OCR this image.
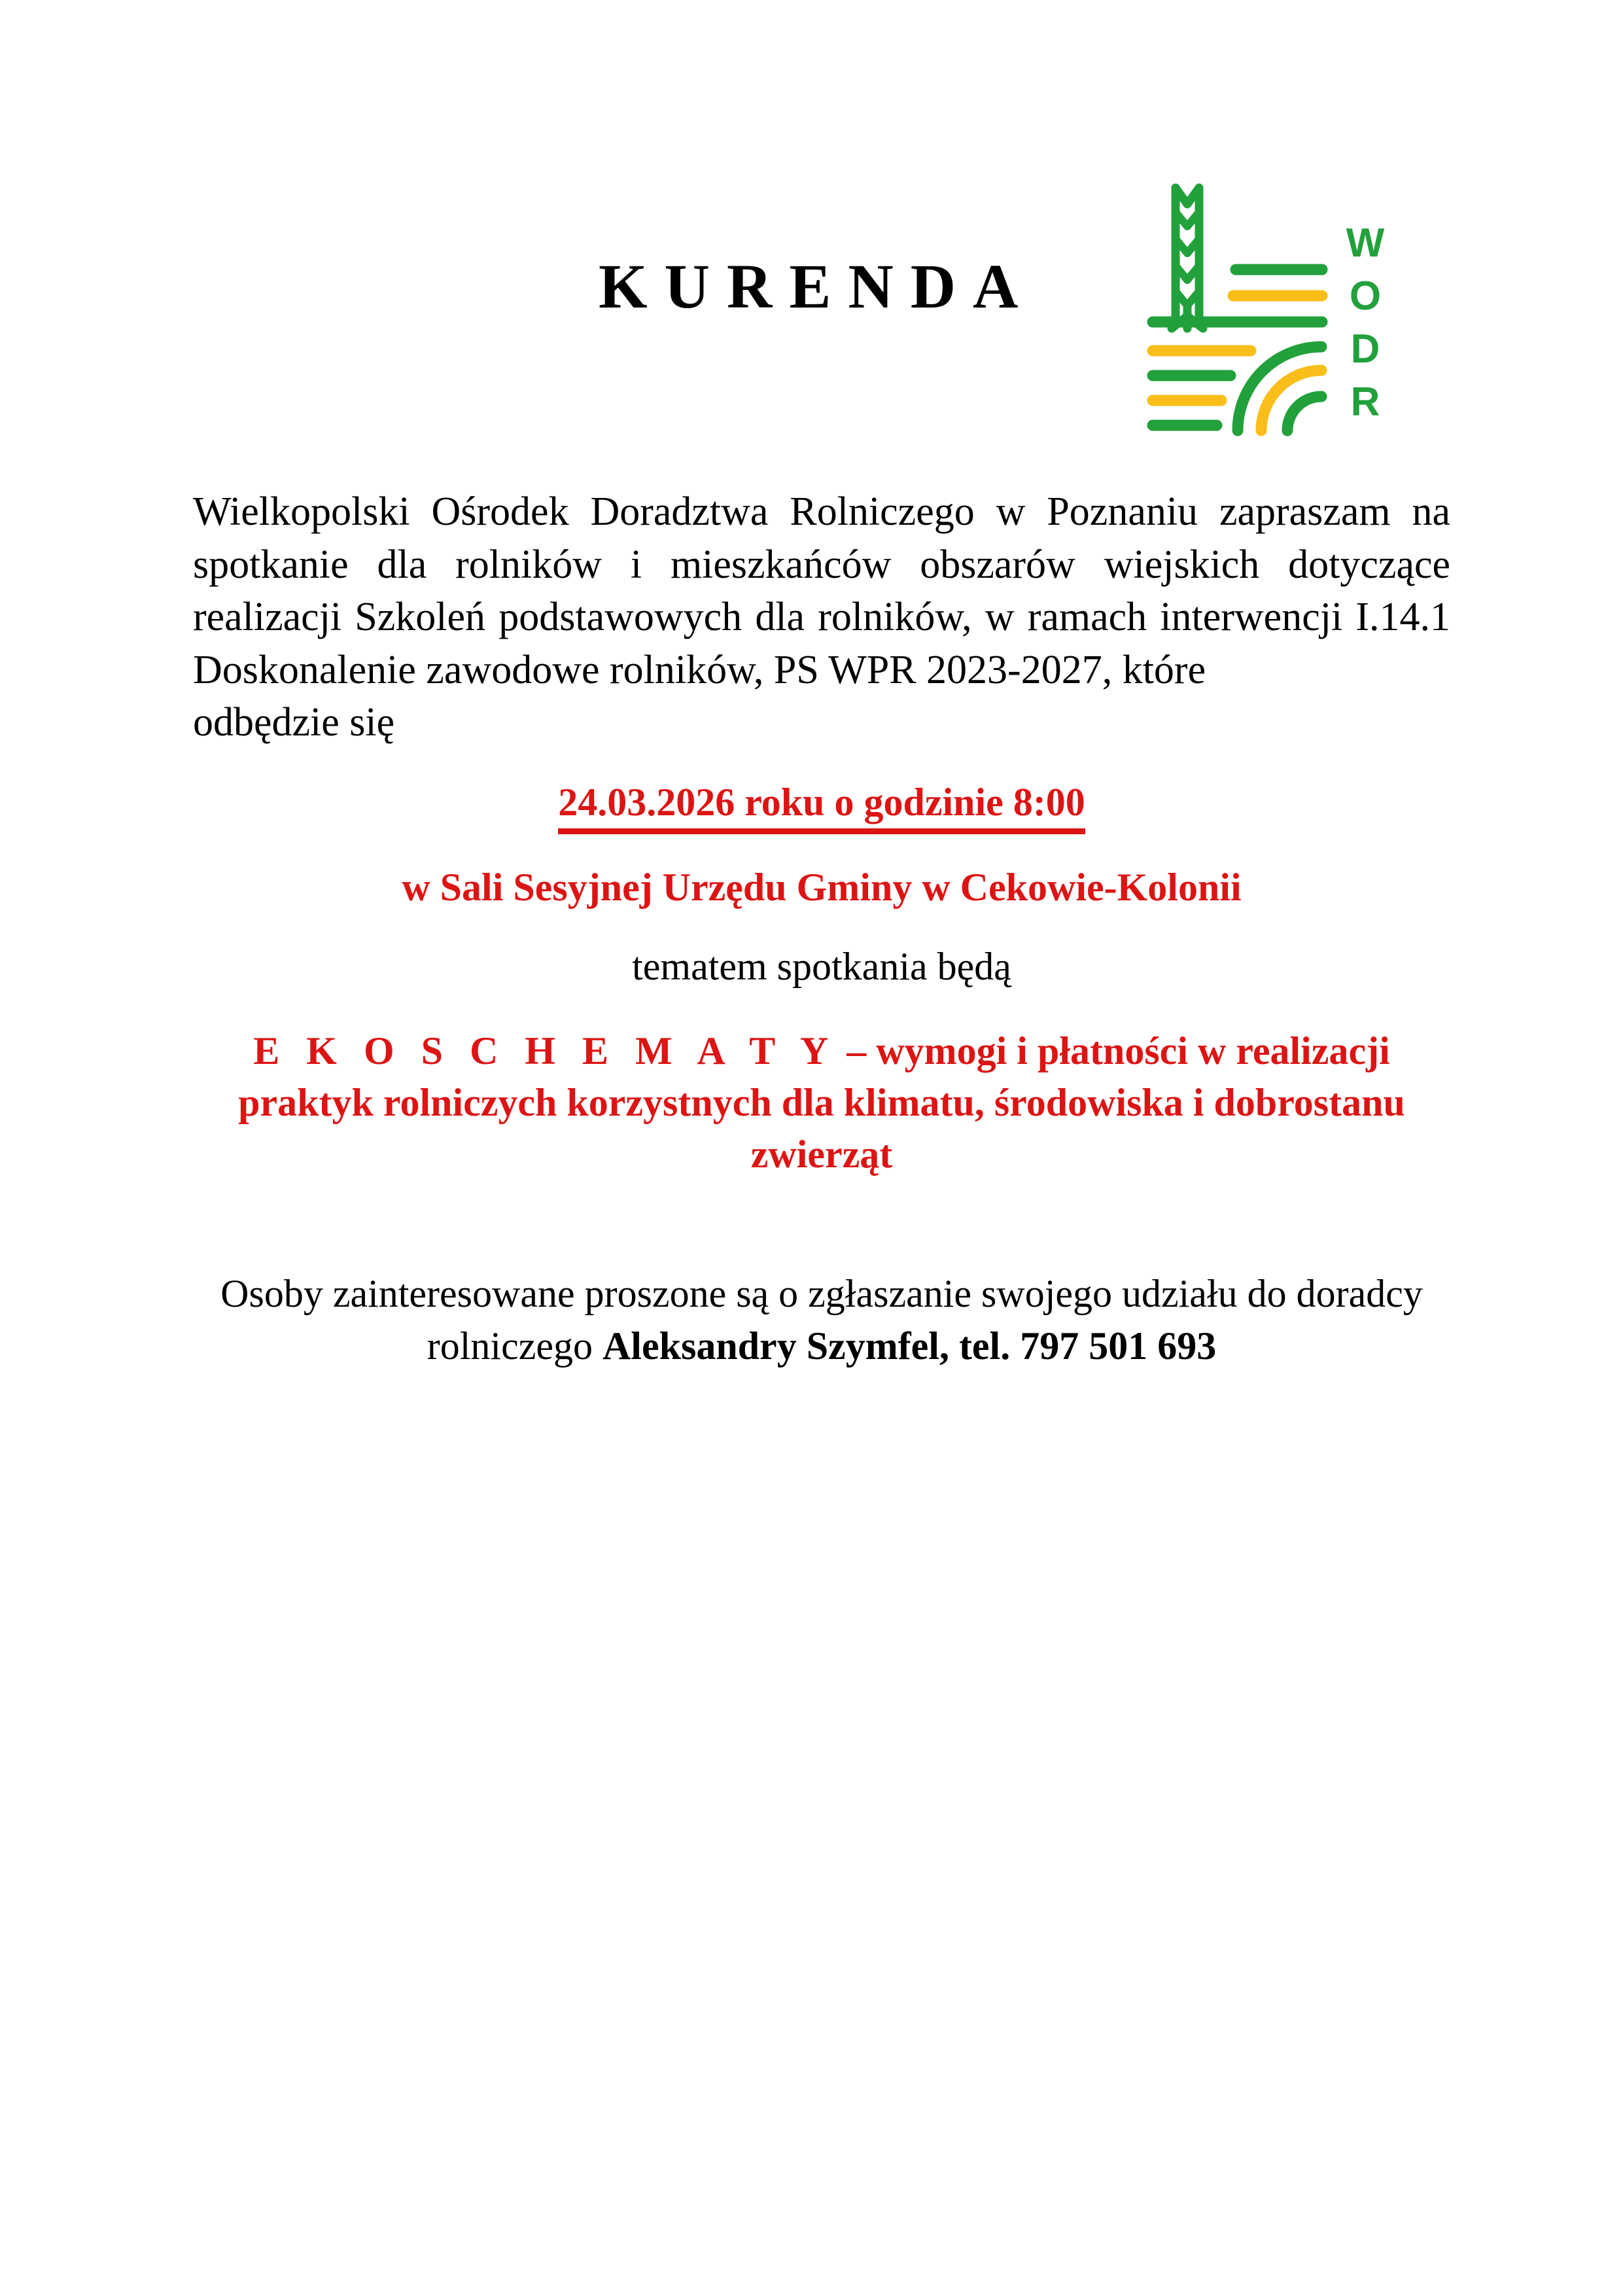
KURENDA
W
O
D
R

Wielkopolski Ośrodek Doradztwa Rolniczego w Poznaniu zapraszam na spotkanie dla rolników i mieszkańców obszarów wiejskich dotyczące realizacji Szkoleń podstawowych dla rolników, w ramach interwencji I.14.1 Doskonalenie zawodowe rolników, PS WPR 2023-2027, które
odbędzie się

24.03.2026 roku o godzinie 8:00

w Sali Sesyjnej Urzędu Gminy w Cekowie-Kolonii

tematem spotkania będą

E K O S C H E M A T Y – wymogi i płatności w realizacji praktyk rolniczych korzystnych dla klimatu, środowiska i dobrostanu zwierząt

Osoby zainteresowane proszone są o zgłaszanie swojego udziału do doradcy rolniczego Aleksandry Szymfel, tel. 797 501 693
